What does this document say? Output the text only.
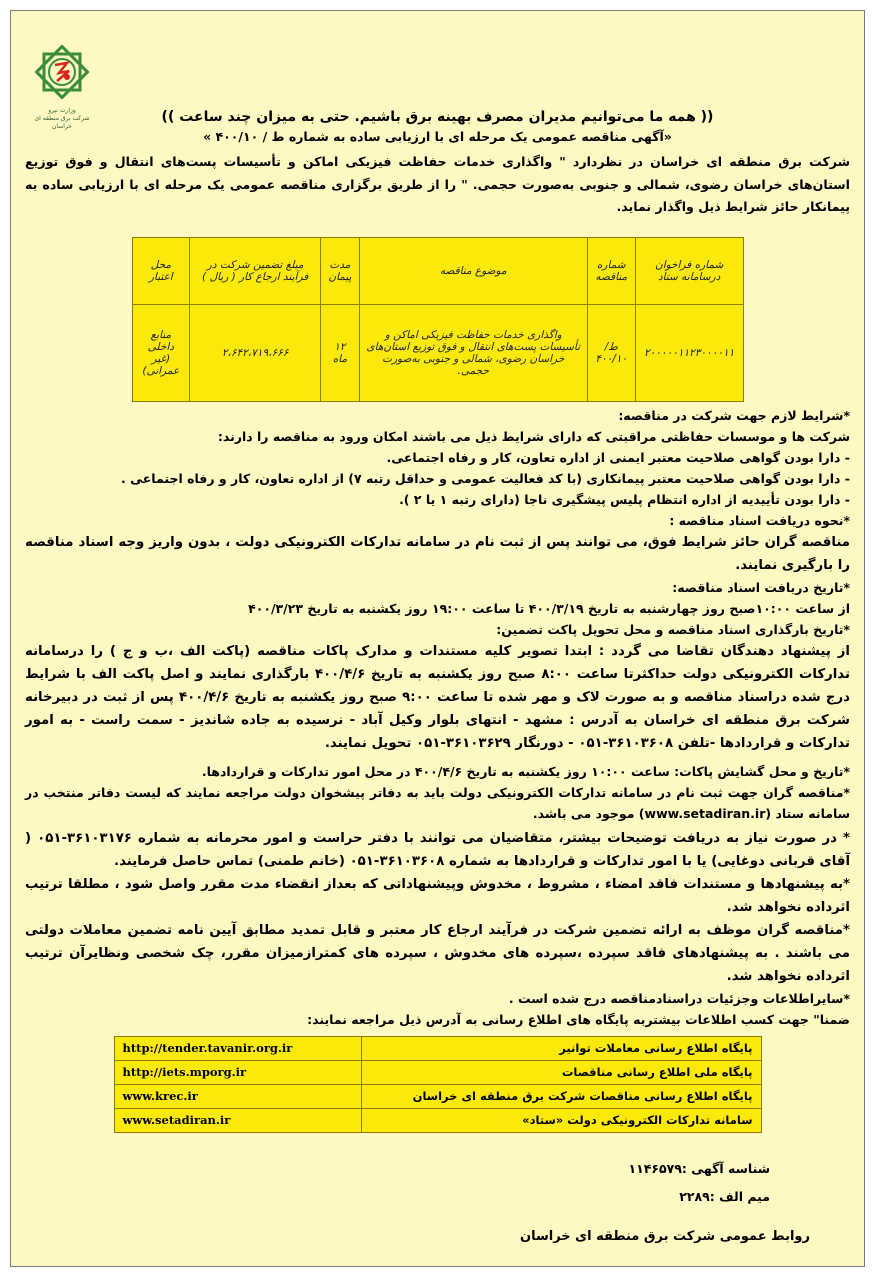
وزارت نیرو
شرکت برق منطقه ای خراسان
(( همه ما می‌توانیم مدیران مصرف بهینه برق باشیم. حتی به میزان چند ساعت ))
«آگهی مناقصه عمومی یک مرحله ای با ارزیابی ساده به شماره ط / ۴۰۰/۱۰ »
شرکت برق منطقه ای خراسان در نظردارد " واگذاری خدمات حفاظت فیزیکی اماکن و تأسیسات پست‌های انتقال و فوق توزیع استان‌های خراسان رضوی، شمالی و جنوبی به‌صورت حجمی. " را از طریق برگزاری مناقصه عمومی یک مرحله ای با ارزیابی ساده به پیمانکار حائز شرایط ذیل واگذار نماید.
شماره فراخوان درسامانه ستاد	شماره مناقصه	موضوع مناقصه	مدت پیمان	مبلغ تضمین شرکت در فرآیند ارجاع کار ( ریال )	محل اعتبار
۲۰۰۰۰۰۱۱۲۳۰۰۰۰۱۱	ط/۴۰۰/۱۰	واگذاری خدمات حفاظت فیزیکی اماکن و تأسیسات پست‌های انتقال و فوق توزیع استان‌های خراسان رضوی، شمالی و جنوبی به‌صورت حجمی.	۱۲ ماه	۲،۶۴۲،۷۱۹،۶۶۶	منابع داخلی (غیر عمرانی)
*شرایط لازم جهت شرکت در مناقصه:
شرکت ها و موسسات حفاظتی مراقبتی که دارای شرایط ذیل می باشند امکان ورود به مناقصه را دارند:
- دارا بودن گواهی صلاحیت معتبر ایمنی از اداره تعاون، کار و رفاه اجتماعی.
- دارا بودن گواهی صلاحیت معتبر پیمانکاری (با کد فعالیت عمومی و حداقل رتبه ۷) از اداره تعاون، کار و رفاه اجتماعی .
- دارا بودن تأییدیه از اداره انتظام پلیس پیشگیری ناجا (دارای رتبه ۱ یا ۲ ).
*نحوه دریافت اسناد مناقصه :
مناقصه گران حائز شرایط فوق، می توانند پس از ثبت نام در سامانه تدارکات الکترونیکی دولت ، بدون واریز وجه اسناد مناقصه را بارگیری نمایند.
*تاریخ دریافت اسناد مناقصه:
از ساعت ۱۰:۰۰صبح روز چهارشنبه به تاریخ ۴۰۰/۳/۱۹ تا ساعت ۱۹:۰۰ روز یکشنبه به تاریخ ۴۰۰/۳/۲۳
*تاریخ بارگذاری اسناد مناقصه و محل تحویل پاکت تضمین:
از پیشنهاد دهندگان تقاضا می گردد : ابتدا تصویر کلیه مستندات و مدارک پاکات مناقصه (پاکت الف ،ب و ج ) را درسامانه تدارکات الکترونیکی دولت حداکثرتا ساعت ۸:۰۰ صبح روز یکشنبه به تاریخ ۴۰۰/۴/۶ بارگذاری نمایند و اصل پاکت الف با شرایط درج شده دراسناد مناقصه و به صورت لاک و مهر شده تا ساعت ۹:۰۰ صبح روز یکشنبه به تاریخ ۴۰۰/۴/۶ پس از ثبت در دبیرخانه شرکت برق منطقه ای خراسان به آدرس : مشهد - انتهای بلوار وکیل آباد - نرسیده به جاده شاندیز - سمت راست - به امور تدارکات و قراردادها -تلفن ۳۶۱۰۳۶۰۸-۰۵۱ - دورنگار ۳۶۱۰۳۶۲۹-۰۵۱ تحویل نمایند.
*تاریخ و محل گشایش پاکات: ساعت ۱۰:۰۰ روز یکشنبه به تاریخ ۴۰۰/۴/۶ در محل امور تدارکات و قراردادها.
*مناقصه گران جهت ثبت نام در سامانه تدارکات الکترونیکی دولت باید به دفاتر پیشخوان دولت مراجعه نمایند که لیست دفاتر منتخب در سامانه ستاد (www.setadiran.ir) موجود می باشد.
* در صورت نیاز به دریافت توضیحات بیشتر، متقاضیان می توانند با دفتر حراست و امور محرمانه به شماره ۳۶۱۰۳۱۷۶-۰۵۱ ( آقای قربانی دوغایی) یا با امور تدارکات و قراردادها به شماره ۳۶۱۰۳۶۰۸-۰۵۱ (خانم طمنی) تماس حاصل فرمایند.
*به پیشنهادها و مستندات فاقد امضاء ، مشروط ، مخدوش وپیشنهاداتی که بعداز انقضاء مدت مقرر واصل شود ، مطلقا ترتیب اثرداده نخواهد شد.
*مناقصه گران موظف به ارائه تضمین شرکت در فرآیند ارجاع کار معتبر و قابل تمدید مطابق آیین نامه تضمین معاملات دولتی می باشند . به پیشنهادهای فاقد سپرده ،سپرده های مخدوش ، سپرده های کمترازمیزان مقرر، چک شخصی ونظایرآن ترتیب اثرداده نخواهد شد.
*سایراطلاعات وجزئیات دراسنادمناقصه درج شده است .
ضمنا" جهت کسب اطلاعات بیشتربه پایگاه های اطلاع رسانی به آدرس ذیل مراجعه نمایند:
پایگاه اطلاع رسانی معاملات توانیر	http://tender.tavanir.org.ir
پایگاه ملی اطلاع رسانی مناقصات	http://iets.mporg.ir
پایگاه اطلاع رسانی مناقصات شرکت برق منطقه ای خراسان	www.krec.ir
سامانه تدارکات الکترونیکی دولت «ستاد»	www.setadiran.ir
شناسه آگهی :۱۱۴۶۵۷۹
میم الف :۲۲۸۹
روابط عمومی شرکت برق منطقه ای خراسان
